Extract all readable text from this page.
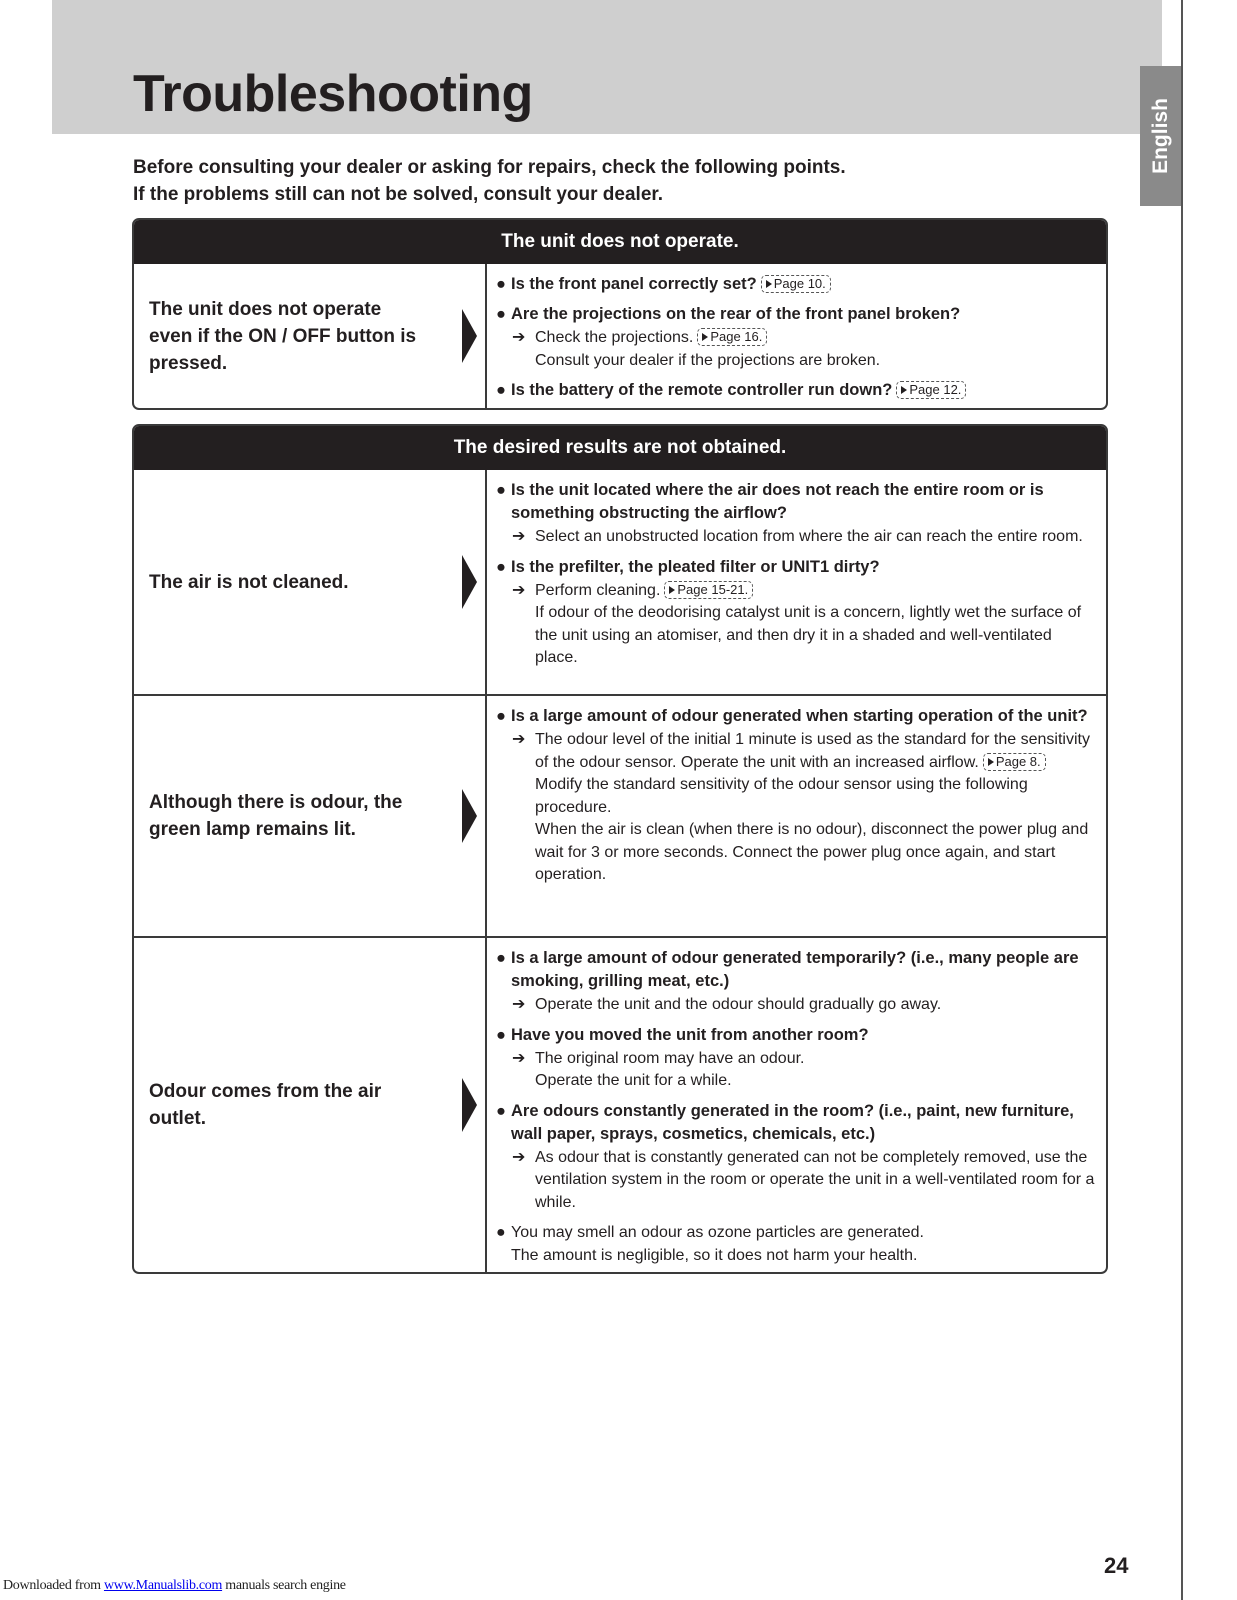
Troubleshooting
English

Before consulting your dealer or asking for repairs, check the following points.

If the problems still can not be solved, consult your dealer.

The unit does not operate.
The unit does not operate
even if the ON / OFF button is
pressed.
● Is the front panel correctly set? Page 10.
● Are the projections on the rear of the front panel broken?
➔ Check the projections. Page 16.
Consult your dealer if the projections are broken.
● Is the battery of the remote controller run down? Page 12.
The desired results are not obtained.
The air is not cleaned.
● Is the unit located where the air does not reach the entire room or is something obstructing the airflow?
➔ Select an unobstructed location from where the air can reach the entire room.
● Is the prefilter, the pleated filter or UNIT1 dirty?
➔ Perform cleaning. Page 15-21.
If odour of the deodorising catalyst unit is a concern, lightly wet the surface of the unit using an atomiser, and then dry it in a shaded and well-ventilated place.
Although there is odour, the
green lamp remains lit.
● Is a large amount of odour generated when starting operation of the unit?
➔ The odour level of the initial 1 minute is used as the standard for the sensitivity of the odour sensor. Operate the unit with an increased airflow. Page 8.
Modify the standard sensitivity of the odour sensor using the following procedure.
When the air is clean (when there is no odour), disconnect the power plug and wait for 3 or more seconds. Connect the power plug once again, and start operation.
Odour comes from the air
outlet.
● Is a large amount of odour generated temporarily? (i.e., many people are smoking, grilling meat, etc.)
➔ Operate the unit and the odour should gradually go away.
● Have you moved the unit from another room?
➔ The original room may have an odour.
Operate the unit for a while.
● Are odours constantly generated in the room? (i.e., paint, new furniture, wall paper, sprays, cosmetics, chemicals, etc.)
➔ As odour that is constantly generated can not be completely removed, use the ventilation system in the room or operate the unit in a well-ventilated room for a while.
● You may smell an odour as ozone particles are generated.
The amount is negligible, so it does not harm your health.
24
Downloaded from www.Manualslib.com manuals search engine
